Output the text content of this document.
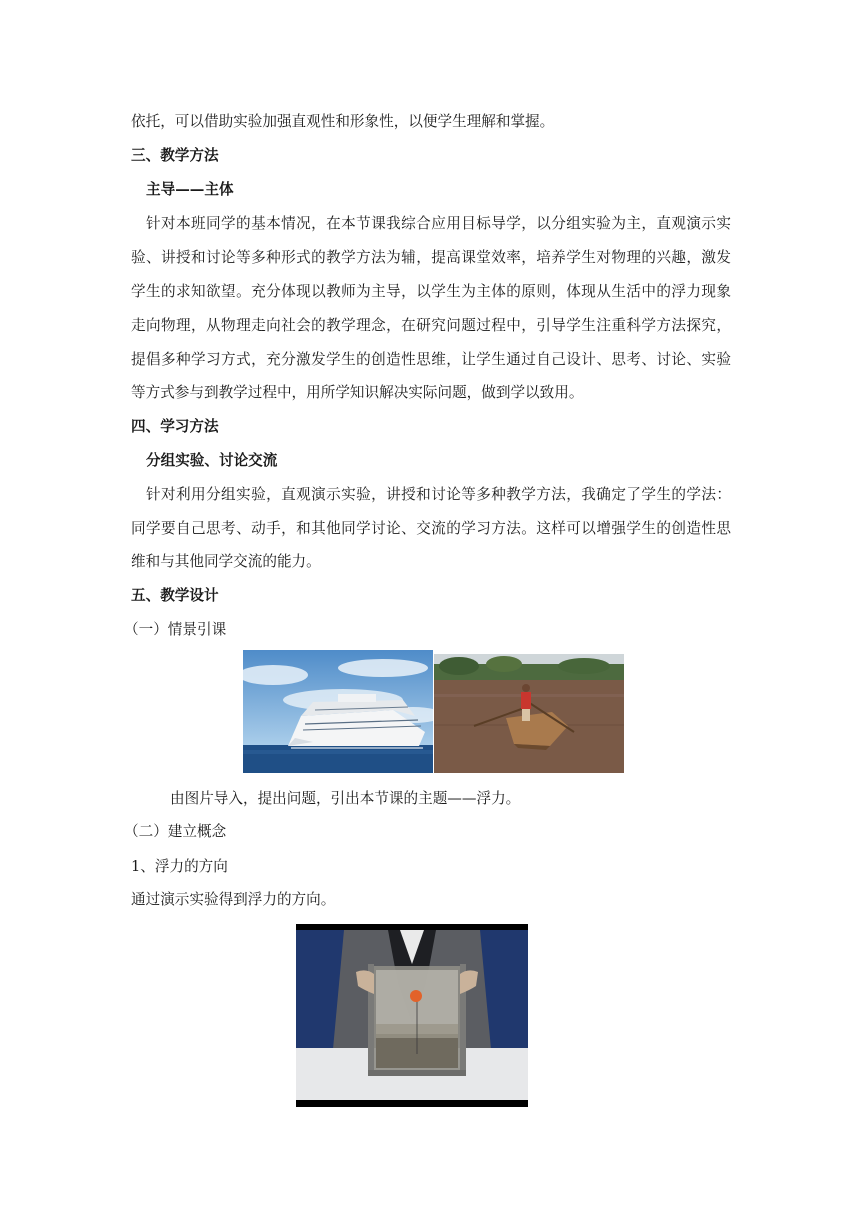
依托，可以借助实验加强直观性和形象性，以便学生理解和掌握。
三、教学方法
主导——主体
针对本班同学的基本情况，在本节课我综合应用目标导学，以分组实验为主，直观演示实
验、讲授和讨论等多种形式的教学方法为辅，提高课堂效率，培养学生对物理的兴趣，激发
学生的求知欲望。充分体现以教师为主导，以学生为主体的原则，体现从生活中的浮力现象
走向物理，从物理走向社会的教学理念，在研究问题过程中，引导学生注重科学方法探究，
提倡多种学习方式，充分激发学生的创造性思维，让学生通过自己设计、思考、讨论、实验
等方式参与到教学过程中，用所学知识解决实际问题，做到学以致用。
四、学习方法
分组实验、讨论交流
针对利用分组实验，直观演示实验，讲授和讨论等多种教学方法，我确定了学生的学法：
同学要自己思考、动手，和其他同学讨论、交流的学习方法。这样可以增强学生的创造性思
维和与其他同学交流的能力。
五、教学设计
（一）情景引课
由图片导入，提出问题，引出本节课的主题——浮力。
（二）建立概念
1、浮力的方向
通过演示实验得到浮力的方向。
